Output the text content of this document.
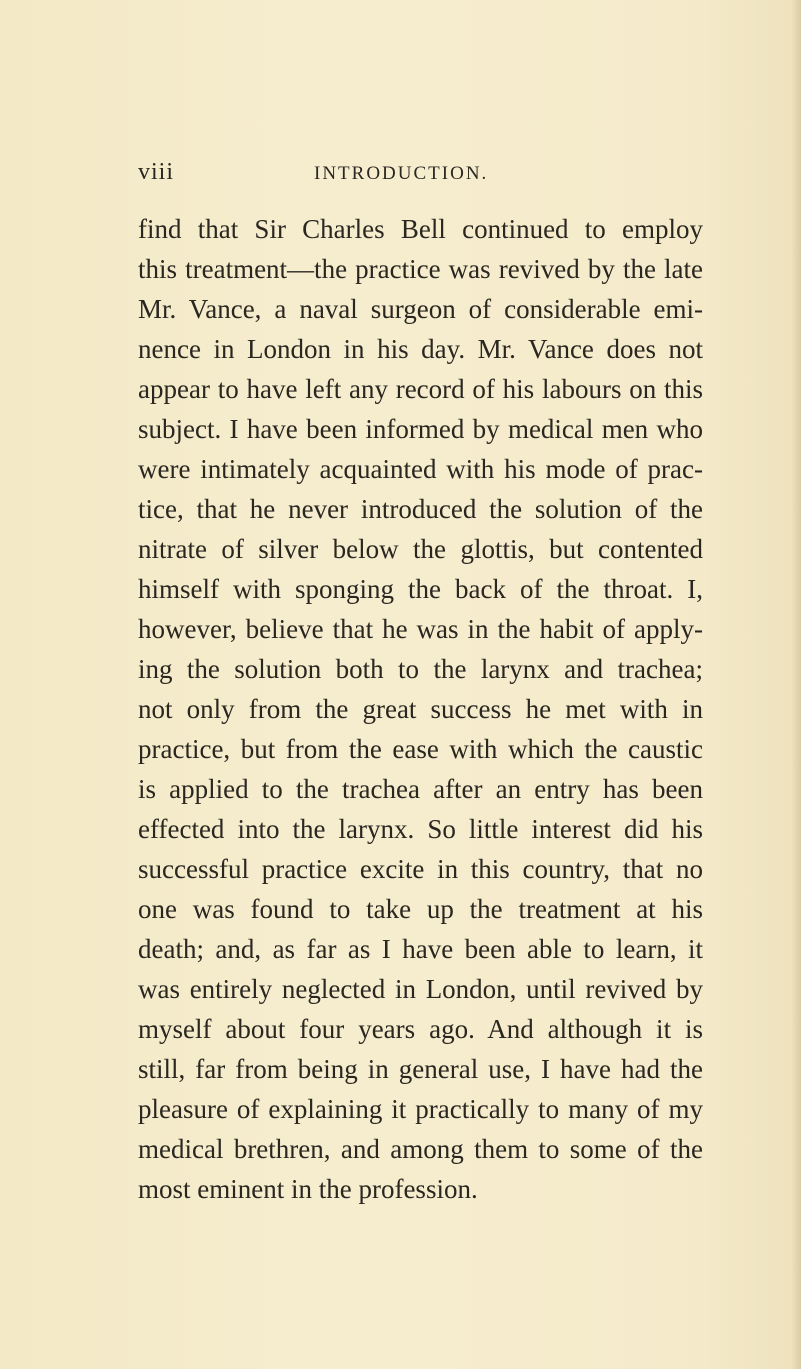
viii	INTRODUCTION.
find that Sir Charles Bell continued to employ
this treatment—the practice was revived by the late
Mr. Vance, a naval surgeon of considerable emi-
nence in London in his day. Mr. Vance does not
appear to have left any record of his labours on this
subject. I have been informed by medical men who
were intimately acquainted with his mode of prac-
tice, that he never introduced the solution of the
nitrate of silver below the glottis, but contented
himself with sponging the back of the throat. I,
however, believe that he was in the habit of apply-
ing the solution both to the larynx and trachea;
not only from the great success he met with in
practice, but from the ease with which the caustic
is applied to the trachea after an entry has been
effected into the larynx. So little interest did his
successful practice excite in this country, that no
one was found to take up the treatment at his
death; and, as far as I have been able to learn, it
was entirely neglected in London, until revived by
myself about four years ago. And although it is
still, far from being in general use, I have had the
pleasure of explaining it practically to many of my
medical brethren, and among them to some of the
most eminent in the profession.
